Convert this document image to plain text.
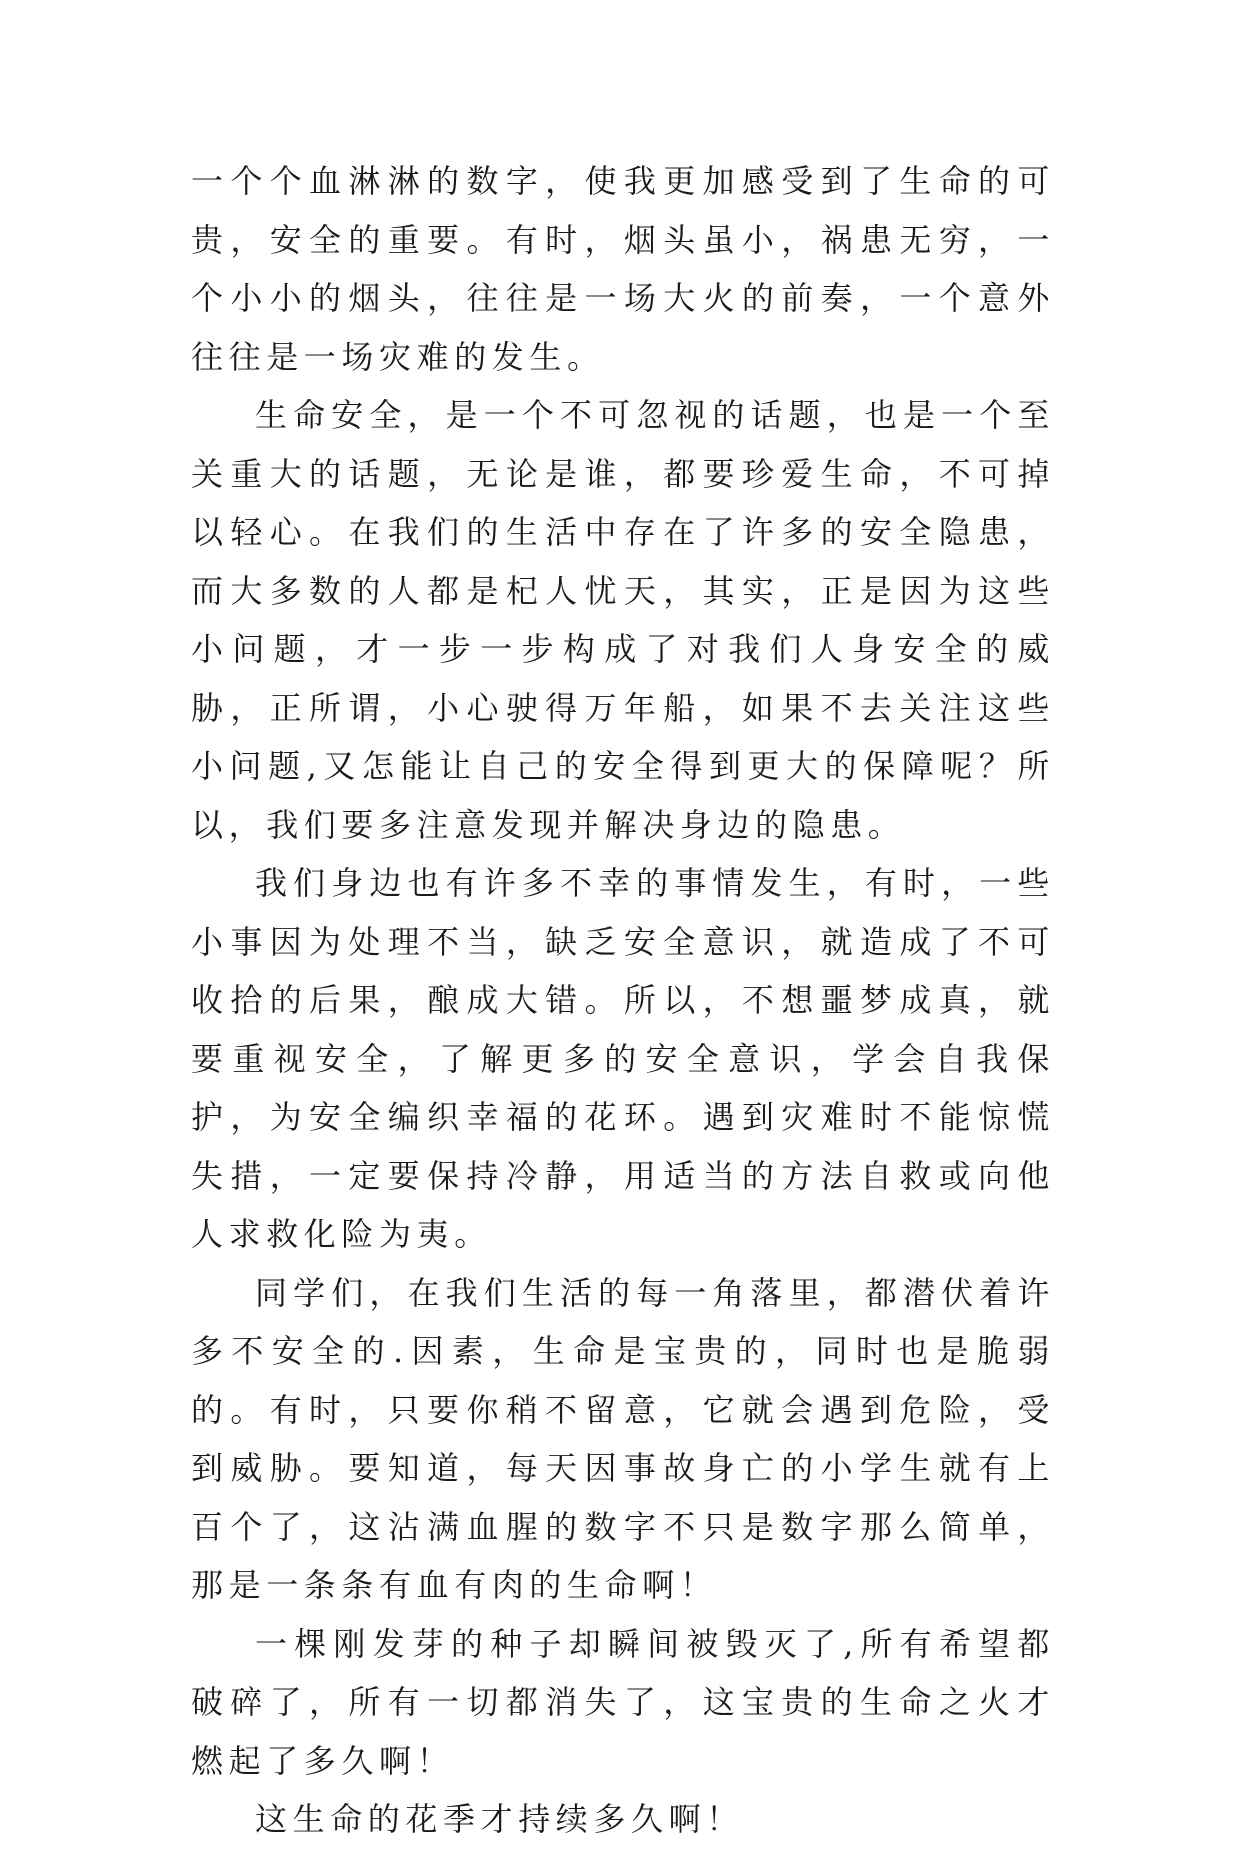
一个个血淋淋的数字，使我更加感受到了生命的可贵，安全的重要。有时，烟头虽小，祸患无穷，一个小小的烟头，往往是一场大火的前奏，一个意外往往是一场灾难的发生。

生命安全，是一个不可忽视的话题，也是一个至关重大的话题，无论是谁，都要珍爱生命，不可掉以轻心。在我们的生活中存在了许多的安全隐患，而大多数的人都是杞人忧天，其实，正是因为这些小问题，才一步一步构成了对我们人身安全的威胁，正所谓，小心驶得万年船，如果不去关注这些小问题,又怎能让自己的安全得到更大的保障呢？所以，我们要多注意发现并解决身边的隐患。

我们身边也有许多不幸的事情发生，有时，一些小事因为处理不当，缺乏安全意识，就造成了不可收拾的后果，酿成大错。所以，不想噩梦成真，就要重视安全，了解更多的安全意识，学会自我保护，为安全编织幸福的花环。遇到灾难时不能惊慌失措，一定要保持冷静，用适当的方法自救或向他人求救化险为夷。

同学们，在我们生活的每一角落里，都潜伏着许多不安全的.因素，生命是宝贵的，同时也是脆弱的。有时，只要你稍不留意，它就会遇到危险，受到威胁。要知道，每天因事故身亡的小学生就有上百个了，这沾满血腥的数字不只是数字那么简单，那是一条条有血有肉的生命啊！

一棵刚发芽的种子却瞬间被毁灭了,所有希望都破碎了，所有一切都消失了，这宝贵的生命之火才燃起了多久啊！

这生命的花季才持续多久啊！
